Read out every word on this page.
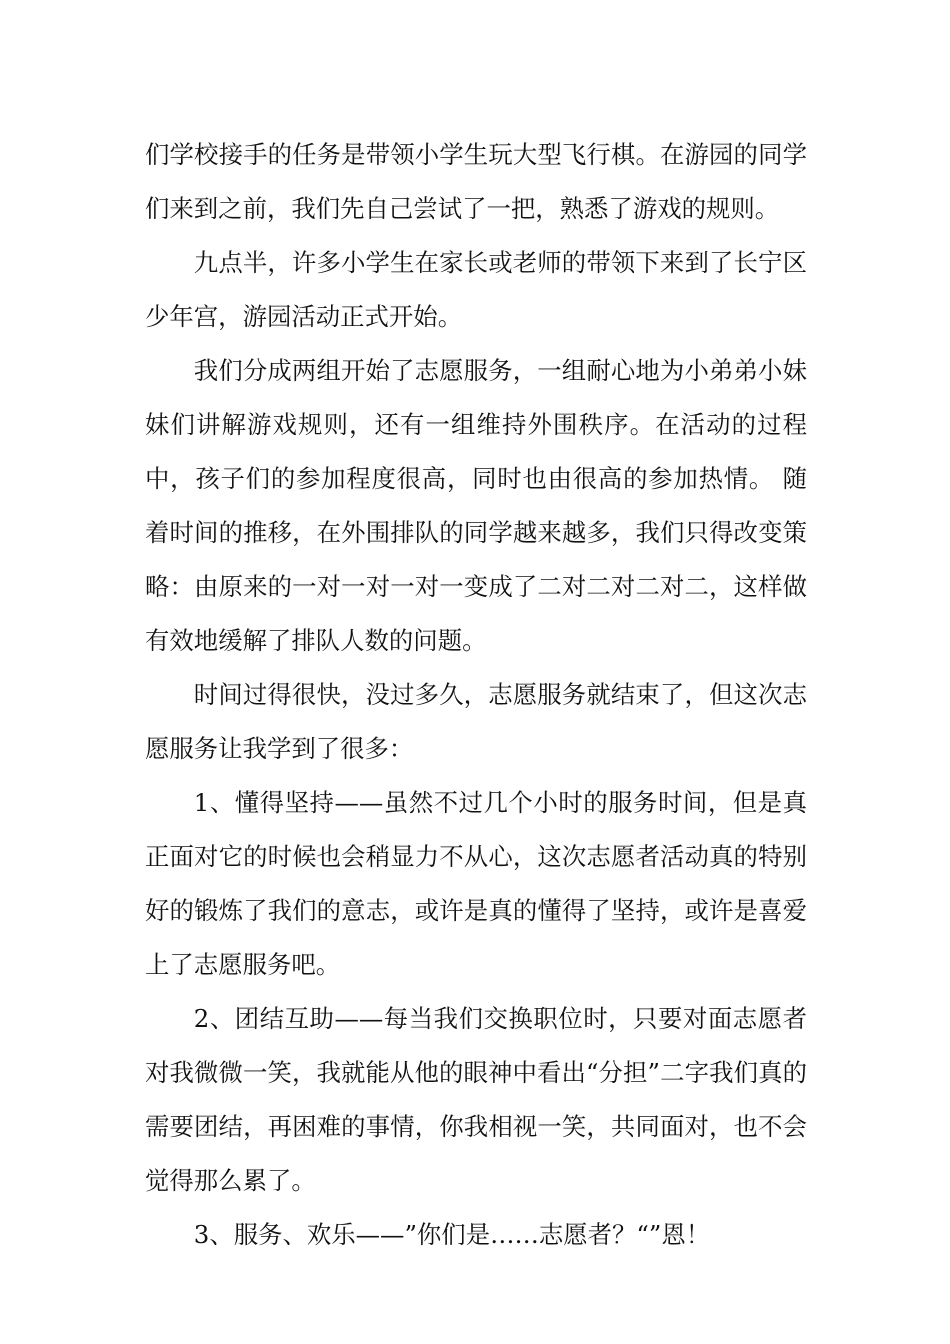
们学校接手的任务是带领小学生玩大型飞行棋。在游园的同学们来到之前，我们先自己尝试了一把，熟悉了游戏的规则。

九点半，许多小学生在家长或老师的带领下来到了长宁区少年宫，游园活动正式开始。

我们分成两组开始了志愿服务，一组耐心地为小弟弟小妹妹们讲解游戏规则，还有一组维持外围秩序。在活动的过程中，孩子们的参加程度很高，同时也由很高的参加热情。 随着时间的推移，在外围排队的同学越来越多，我们只得改变策略：由原来的一对一对一对一变成了二对二对二对二，这样做有效地缓解了排队人数的问题。

时间过得很快，没过多久，志愿服务就结束了，但这次志愿服务让我学到了很多：

1、懂得坚持——虽然不过几个小时的服务时间，但是真正面对它的时候也会稍显力不从心，这次志愿者活动真的特别好的锻炼了我们的意志，或许是真的懂得了坚持，或许是喜爱上了志愿服务吧。

2、团结互助——每当我们交换职位时，只要对面志愿者对我微微一笑，我就能从他的眼神中看出“分担”二字我们真的需要团结，再困难的事情，你我相视一笑，共同面对，也不会觉得那么累了。

3、服务、欢乐——”你们是……志愿者？“”恩！
